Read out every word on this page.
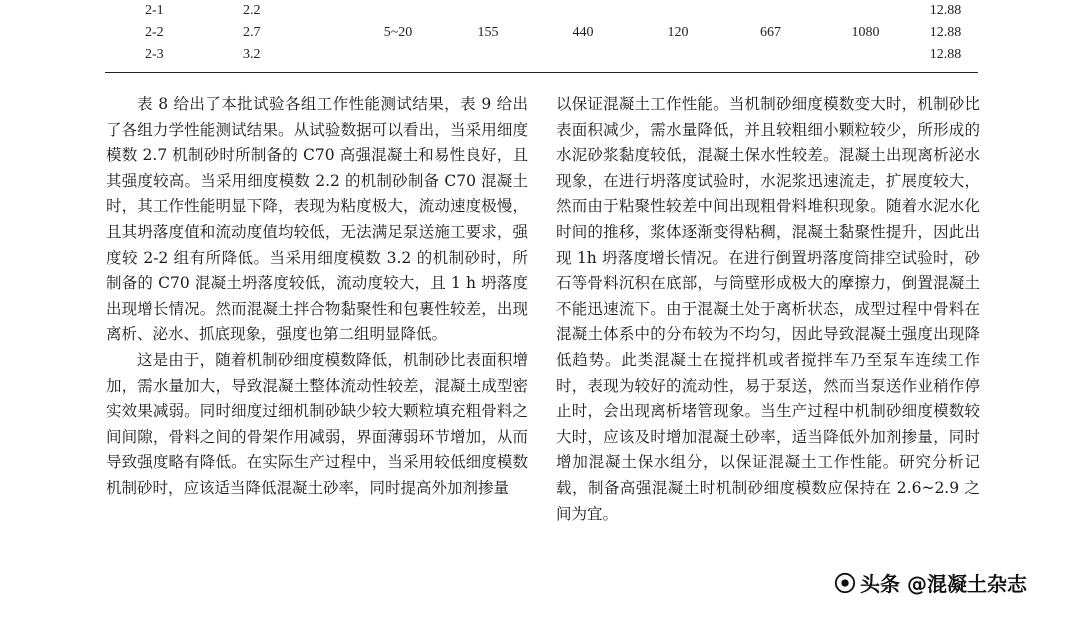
2-1	2.2							12.88
2-2	2.7	5~20	155	440	120	667	1080	12.88
2-3	3.2							12.88

表 8 给出了本批试验各组工作性能测试结果，表 9 给出了各组力学性能测试结果。从试验数据可以看出，当采用细度模数 2.7 机制砂时所制备的 C70 高强混凝土和易性良好，且其强度较高。当采用细度模数 2.2 的机制砂制备 C70 混凝土时，其工作性能明显下降，表现为粘度极大，流动速度极慢，且其坍落度值和流动度值均较低，无法满足泵送施工要求，强度较 2-2 组有所降低。当采用细度模数 3.2 的机制砂时，所制备的 C70 混凝土坍落度较低，流动度较大，且 1 h 坍落度出现增长情况。然而混凝土拌合物黏聚性和包裹性较差，出现离析、泌水、抓底现象，强度也第二组明显降低。

这是由于，随着机制砂细度模数降低，机制砂比表面积增加，需水量加大，导致混凝土整体流动性较差，混凝土成型密实效果减弱。同时细度过细机制砂缺少较大颗粒填充粗骨料之间间隙，骨料之间的骨架作用减弱，界面薄弱环节增加，从而导致强度略有降低。在实际生产过程中，当采用较低细度模数机制砂时，应该适当降低混凝土砂率，同时提高外加剂掺量

以保证混凝土工作性能。当机制砂细度模数变大时，机制砂比表面积减少，需水量降低，并且较粗细小颗粒较少，所形成的水泥砂浆黏度较低，混凝土保水性较差。混凝土出现离析泌水现象，在进行坍落度试验时，水泥浆迅速流走，扩展度较大，然而由于粘聚性较差中间出现粗骨料堆积现象。随着水泥水化时间的推移，浆体逐渐变得粘稠，混凝土黏聚性提升，因此出现 1h 坍落度增长情况。在进行倒置坍落度筒排空试验时，砂石等骨料沉积在底部，与筒壁形成极大的摩擦力，倒置混凝土不能迅速流下。由于混凝土处于离析状态，成型过程中骨料在混凝土体系中的分布较为不均匀，因此导致混凝土强度出现降低趋势。此类混凝土在搅拌机或者搅拌车乃至泵车连续工作时，表现为较好的流动性，易于泵送，然而当泵送作业稍作停止时，会出现离析堵管现象。当生产过程中机制砂细度模数较大时，应该及时增加混凝土砂率，适当降低外加剂掺量，同时增加混凝土保水组分，以保证混凝土工作性能。研究分析记载，制备高强混凝土时机制砂细度模数应保持在 2.6~2.9 之间为宜。

头条 @混凝土杂志
